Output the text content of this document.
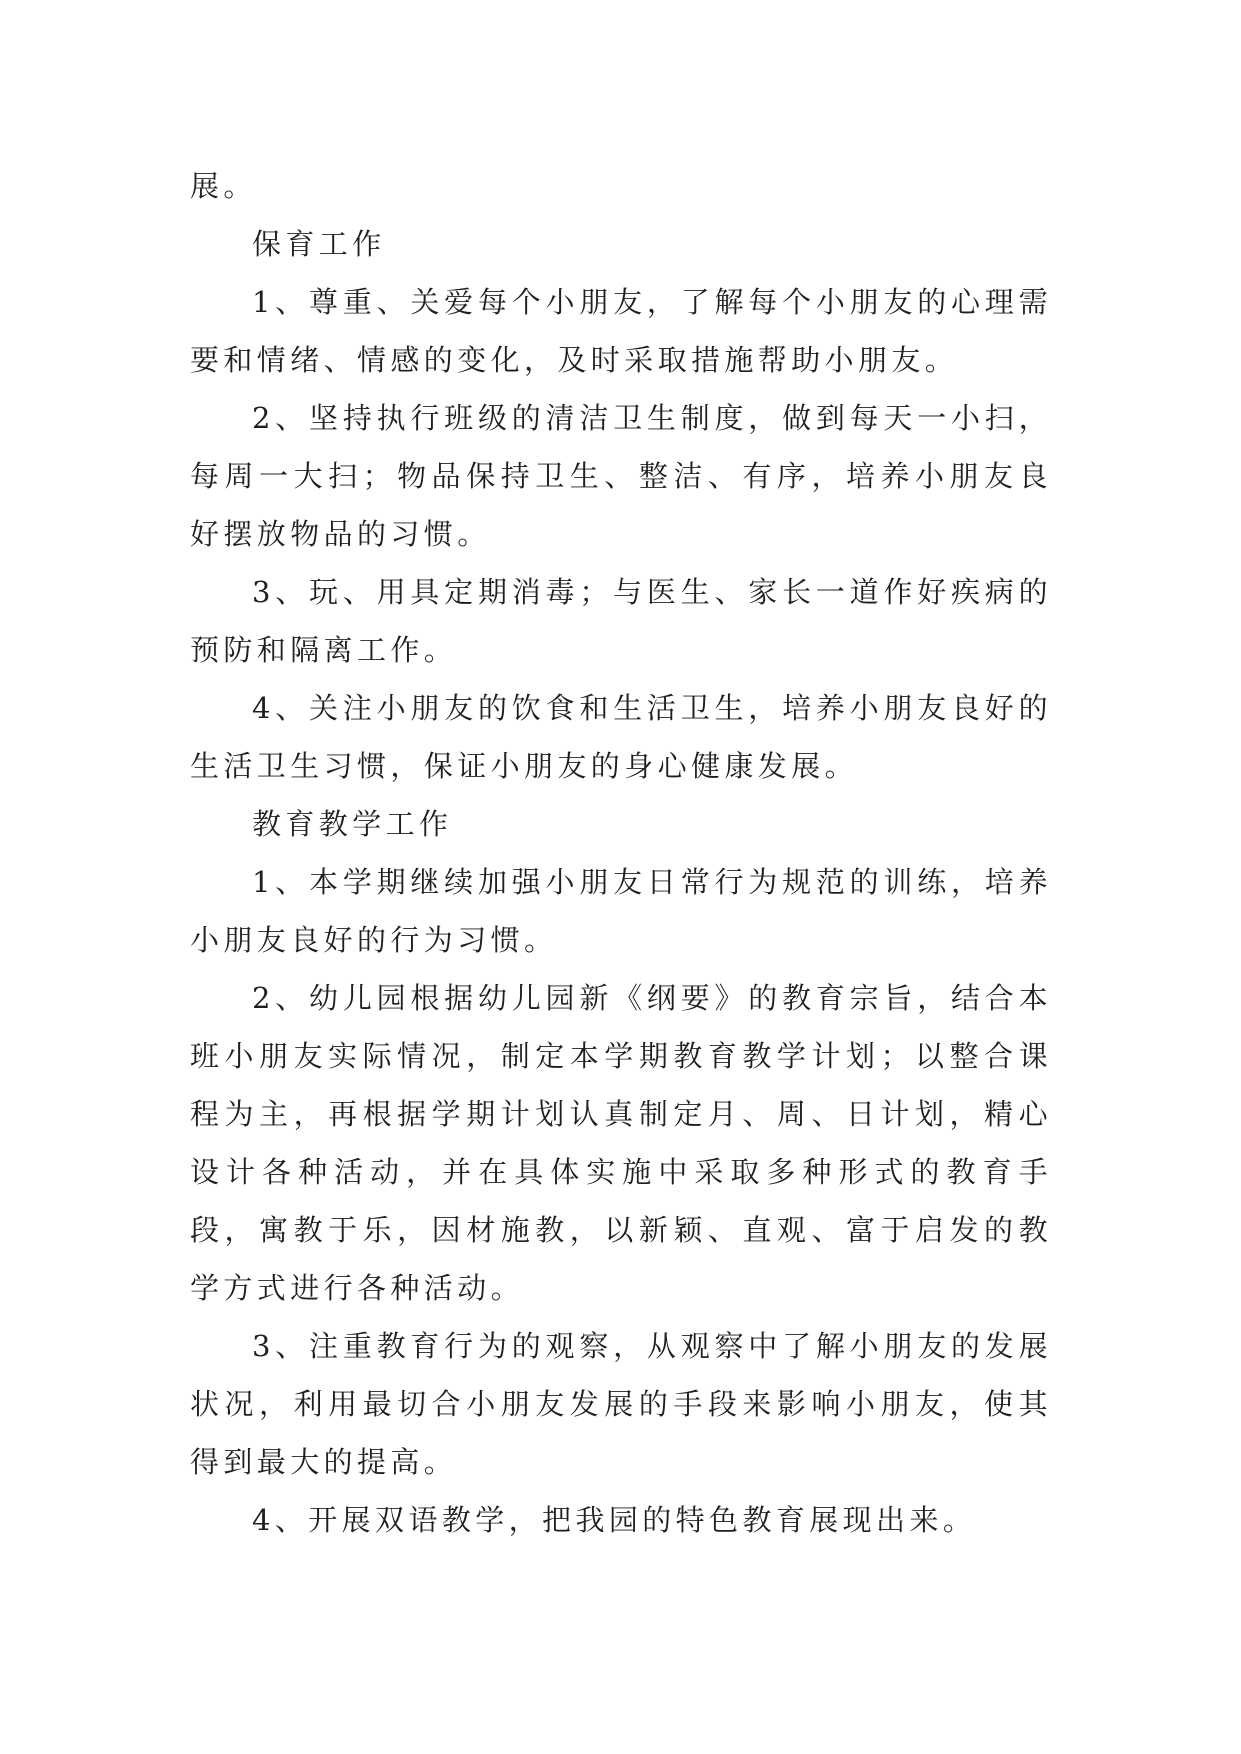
展。

保育工作

1、尊重、关爱每个小朋友，了解每个小朋友的心理需要和情绪、情感的变化，及时采取措施帮助小朋友。

2、坚持执行班级的清洁卫生制度，做到每天一小扫，每周一大扫；物品保持卫生、整洁、有序，培养小朋友良好摆放物品的习惯。

3、玩、用具定期消毒；与医生、家长一道作好疾病的预防和隔离工作。

4、关注小朋友的饮食和生活卫生，培养小朋友良好的生活卫生习惯，保证小朋友的身心健康发展。

教育教学工作

1、本学期继续加强小朋友日常行为规范的训练，培养小朋友良好的行为习惯。

2、幼儿园根据幼儿园新《纲要》的教育宗旨，结合本班小朋友实际情况，制定本学期教育教学计划；以整合课程为主，再根据学期计划认真制定月、周、日计划，精心设计各种活动，并在具体实施中采取多种形式的教育手段，寓教于乐，因材施教，以新颖、直观、富于启发的教学方式进行各种活动。

3、注重教育行为的观察，从观察中了解小朋友的发展状况，利用最切合小朋友发展的手段来影响小朋友，使其得到最大的提高。

4、开展双语教学，把我园的特色教育展现出来。
